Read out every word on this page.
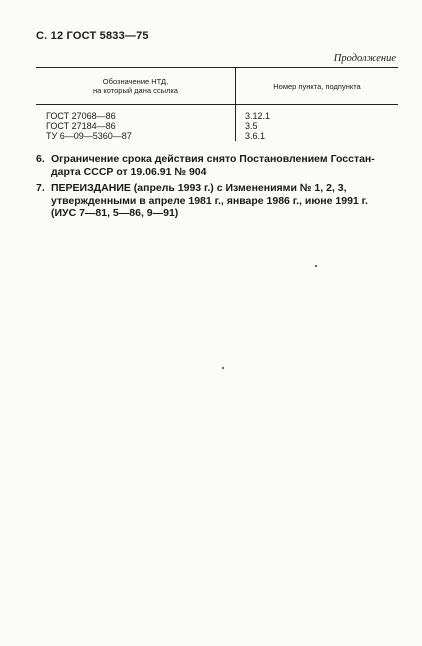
С. 12 ГОСТ 5833—75
Продолжение
Обозначение НТД,
на который дана ссылка	Номер пункта, подпункта
ГОСТ 27068—86	3.12.1
ГОСТ 27184—86	3.5
ТУ 6—09—5360—87	3.6.1
6. Ограничение срока действия снято Постановлением Госстан-
дарта СССР от 19.06.91 № 904
7. ПЕРЕИЗДАНИЕ (апрель 1993 г.) с Изменениями № 1, 2, 3,
утвержденными в апреле 1981 г., январе 1986 г., июне 1991 г.
(ИУС 7—81, 5—86, 9—91)
